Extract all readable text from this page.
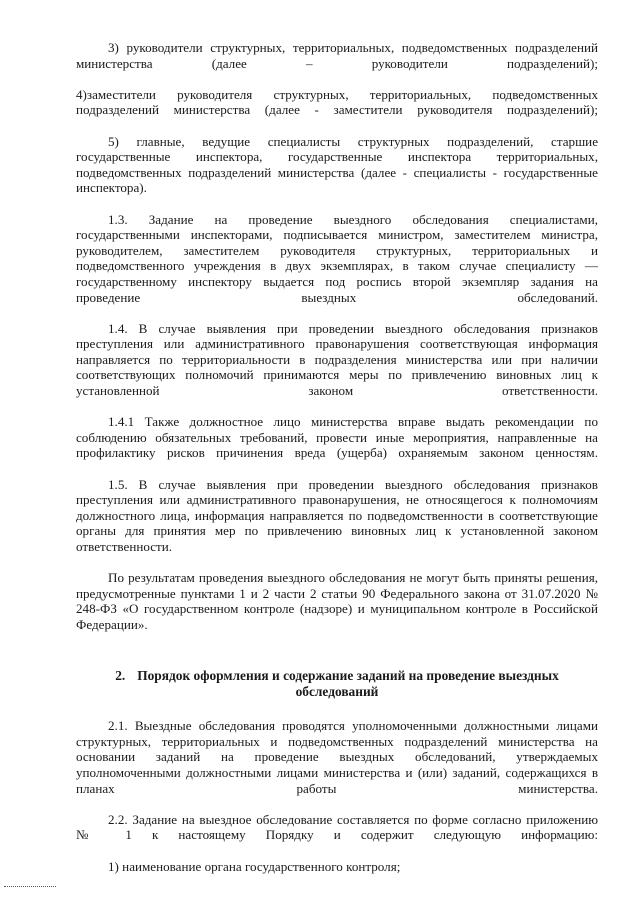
3) руководители структурных, территориальных, подведомственных подразделений министерства (далее – руководители подразделений);

4)заместители руководителя структурных, территориальных, подведомственных подразделений министерства (далее - заместители руководителя подразделений);

5) главные, ведущие специалисты структурных подразделений, старшие государственные инспектора, государственные инспектора территориальных, подведомственных подразделений министерства (далее - специалисты - государственные инспектора).

1.3. Задание на проведение выездного обследования специалистами, государственными инспекторами, подписывается министром, заместителем министра, руководителем, заместителем руководителя структурных, территориальных и подведомственного учреждения в двух экземплярах, в таком случае специалисту — государственному инспектору выдается под роспись второй экземпляр задания на проведение выездных обследований.

1.4. В случае выявления при проведении выездного обследования признаков преступления или административного правонарушения соответствующая информация направляется по территориальности в подразделения министерства или при наличии соответствующих полномочий принимаются меры по привлечению виновных лиц к установленной законом ответственности.

1.4.1 Также должностное лицо министерства вправе выдать рекомендации по соблюдению обязательных требований, провести иные мероприятия, направленные на профилактику рисков причинения вреда (ущерба) охраняемым законом ценностям.

1.5. В случае выявления при проведении выездного обследования признаков преступления или административного правонарушения, не относящегося к полномочиям должностного лица, информация направляется по подведомственности в соответствующие органы для принятия мер по привлечению виновных лиц к установленной законом ответственности.

По результатам проведения выездного обследования не могут быть приняты решения, предусмотренные пунктами 1 и 2 части 2 статьи 90 Федерального закона от 31.07.2020 № 248-ФЗ «О государственном контроле (надзоре) и муниципальном контроле в Российской Федерации».

2. Порядок оформления и содержание заданий на проведение выездных
обследований

2.1. Выездные обследования проводятся уполномоченными должностными лицами структурных, территориальных и подведомственных подразделений министерства на основании заданий на проведение выездных обследований, утверждаемых уполномоченными должностными лицами министерства и (или) заданий, содержащихся в планах работы министерства.

2.2. Задание на выездное обследование составляется по форме согласно приложению № 1 к настоящему Порядку и содержит следующую информацию:

1) наименование органа государственного контроля;
